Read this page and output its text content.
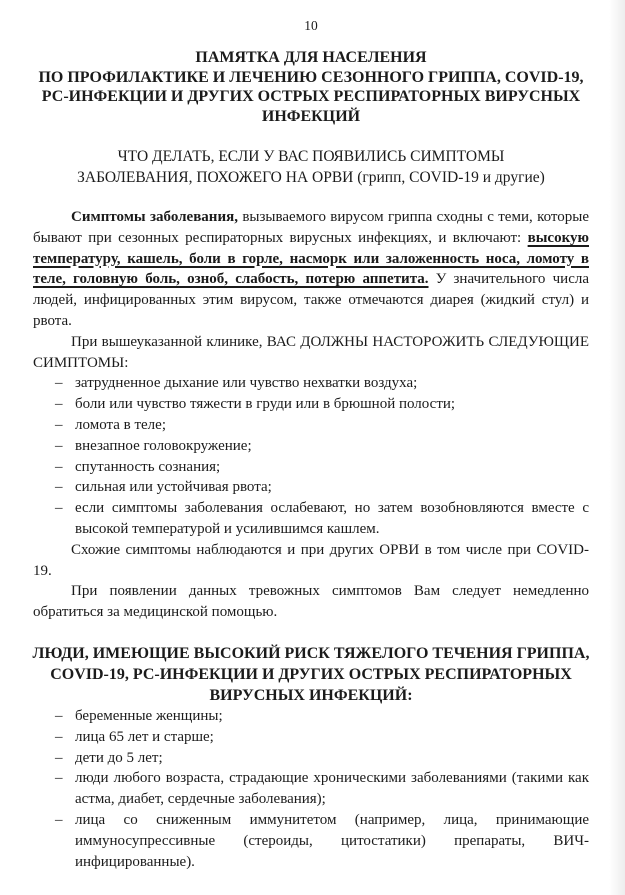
10
ПАМЯТКА ДЛЯ НАСЕЛЕНИЯ
ПО ПРОФИЛАКТИКЕ И ЛЕЧЕНИЮ СЕЗОННОГО ГРИППА, COVID-19,
РС-ИНФЕКЦИИ И ДРУГИХ ОСТРЫХ РЕСПИРАТОРНЫХ ВИРУСНЫХ
ИНФЕКЦИЙ
ЧТО ДЕЛАТЬ, ЕСЛИ У ВАС ПОЯВИЛИСЬ СИМПТОМЫ
ЗАБОЛЕВАНИЯ, ПОХОЖЕГО НА ОРВИ (грипп, COVID-19 и другие)

Симптомы заболевания, вызываемого вирусом гриппа сходны с теми, которые бывают при сезонных респираторных вирусных инфекциях, и включают: высокую температуру, кашель, боли в горле, насморк или заложенность носа, ломоту в теле, головную боль, озноб, слабость, потерю аппетита. У значительного числа людей, инфицированных этим вирусом, также отмечаются диарея (жидкий стул) и рвота.

При вышеуказанной клинике, ВАС ДОЛЖНЫ НАСТОРОЖИТЬ СЛЕДУЮЩИЕ СИМПТОМЫ:

– затрудненное дыхание или чувство нехватки воздуха;
– боли или чувство тяжести в груди или в брюшной полости;
– ломота в теле;
– внезапное головокружение;
– спутанность сознания;
– сильная или устойчивая рвота;
– если симптомы заболевания ослабевают, но затем возобновляются вместе с высокой температурой и усилившимся кашлем.

Схожие симптомы наблюдаются и при других ОРВИ в том числе при COVID-19.

При появлении данных тревожных симптомов Вам следует немедленно обратиться за медицинской помощью.

ЛЮДИ, ИМЕЮЩИЕ ВЫСОКИЙ РИСК ТЯЖЕЛОГО ТЕЧЕНИЯ ГРИППА,
COVID-19, РС-ИНФЕКЦИИ И ДРУГИХ ОСТРЫХ РЕСПИРАТОРНЫХ
ВИРУСНЫХ ИНФЕКЦИЙ:
– беременные женщины;
– лица 65 лет и старше;
– дети до 5 лет;
– люди любого возраста, страдающие хроническими заболеваниями (такими как астма, диабет, сердечные заболевания);
– лица со сниженным иммунитетом (например, лица, принимающие иммуносупрессивные (стероиды, цитостатики) препараты, ВИЧ-инфицированные).
